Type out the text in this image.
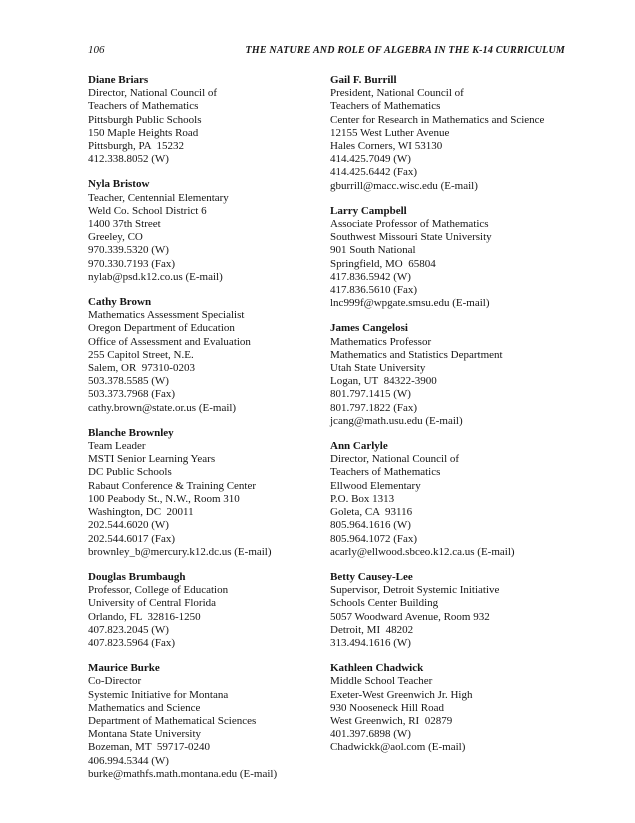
106	THE NATURE AND ROLE OF ALGEBRA IN THE K-14 CURRICULUM
Diane Briars
Director, National Council of
Teachers of Mathematics
Pittsburgh Public Schools
150 Maple Heights Road
Pittsburgh, PA  15232
412.338.8052 (W)
Nyla Bristow
Teacher, Centennial Elementary
Weld Co. School District 6
1400 37th Street
Greeley, CO
970.339.5320 (W)
970.330.7193 (Fax)
nylab@psd.k12.co.us (E-mail)
Cathy Brown
Mathematics Assessment Specialist
Oregon Department of Education
Office of Assessment and Evaluation
255 Capitol Street, N.E.
Salem, OR  97310-0203
503.378.5585 (W)
503.373.7968 (Fax)
cathy.brown@state.or.us (E-mail)
Blanche Brownley
Team Leader
MSTI Senior Learning Years
DC Public Schools
Rabaut Conference & Training Center
100 Peabody St., N.W., Room 310
Washington, DC  20011
202.544.6020 (W)
202.544.6017 (Fax)
brownley_b@mercury.k12.dc.us (E-mail)
Douglas Brumbaugh
Professor, College of Education
University of Central Florida
Orlando, FL  32816-1250
407.823.2045 (W)
407.823.5964 (Fax)
Maurice Burke
Co-Director
Systemic Initiative for Montana
Mathematics and Science
Department of Mathematical Sciences
Montana State University
Bozeman, MT  59717-0240
406.994.5344 (W)
burke@mathfs.math.montana.edu (E-mail)
Gail F. Burrill
President, National Council of
Teachers of Mathematics
Center for Research in Mathematics and Science
12155 West Luther Avenue
Hales Corners, WI 53130
414.425.7049 (W)
414.425.6442 (Fax)
gburrill@macc.wisc.edu (E-mail)
Larry Campbell
Associate Professor of Mathematics
Southwest Missouri State University
901 South National
Springfield, MO  65804
417.836.5942 (W)
417.836.5610 (Fax)
lnc999f@wpgate.smsu.edu (E-mail)
James Cangelosi
Mathematics Professor
Mathematics and Statistics Department
Utah State University
Logan, UT  84322-3900
801.797.1415 (W)
801.797.1822 (Fax)
jcang@math.usu.edu (E-mail)
Ann Carlyle
Director, National Council of
Teachers of Mathematics
Ellwood Elementary
P.O. Box 1313
Goleta, CA  93116
805.964.1616 (W)
805.964.1072 (Fax)
acarly@ellwood.sbceo.k12.ca.us (E-mail)
Betty Causey-Lee
Supervisor, Detroit Systemic Initiative
Schools Center Building
5057 Woodward Avenue, Room 932
Detroit, MI  48202
313.494.1616 (W)
Kathleen Chadwick
Middle School Teacher
Exeter-West Greenwich Jr. High
930 Nooseneck Hill Road
West Greenwich, RI  02879
401.397.6898 (W)
Chadwickk@aol.com (E-mail)
